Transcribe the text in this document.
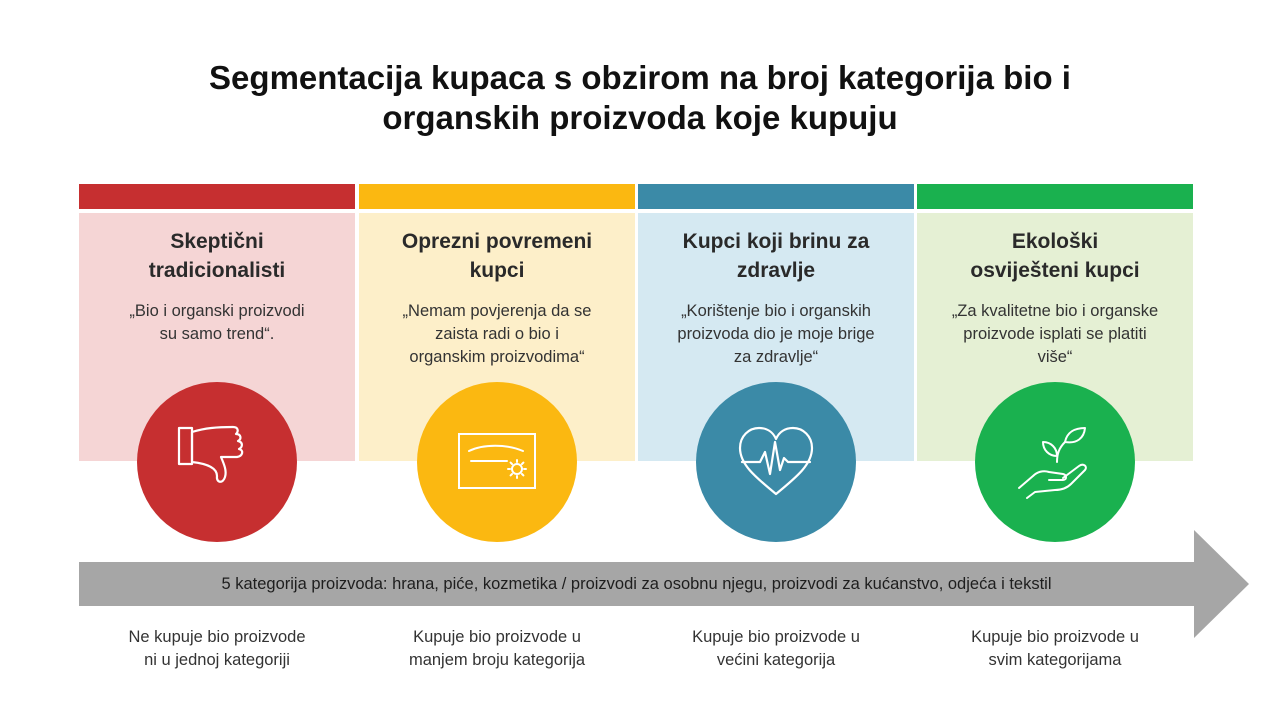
Segmentacija kupaca s obzirom na broj kategorija bio i
organskih proizvoda koje kupuju
Skeptični
tradicionalisti
„Bio i organski proizvodi
su samo trend“.
Ne kupuje bio proizvode
ni u jednoj kategoriji
Oprezni povremeni
kupci
„Nemam povjerenja da se
zaista radi o bio i
organskim proizvodima“
Kupuje bio proizvode u
manjem broju kategorija
Kupci koji brinu za
zdravlje
„Korištenje bio i organskih
proizvoda dio je moje brige
za zdravlje“
Kupuje bio proizvode u
većini kategorija
Ekološki
osviješteni kupci
„Za kvalitetne bio i organske
proizvode isplati se platiti
više“
Kupuje bio proizvode u
svim kategorijama
5 kategorija proizvoda: hrana, piće, kozmetika / proizvodi za osobnu njegu, proizvodi za kućanstvo, odjeća i tekstil
